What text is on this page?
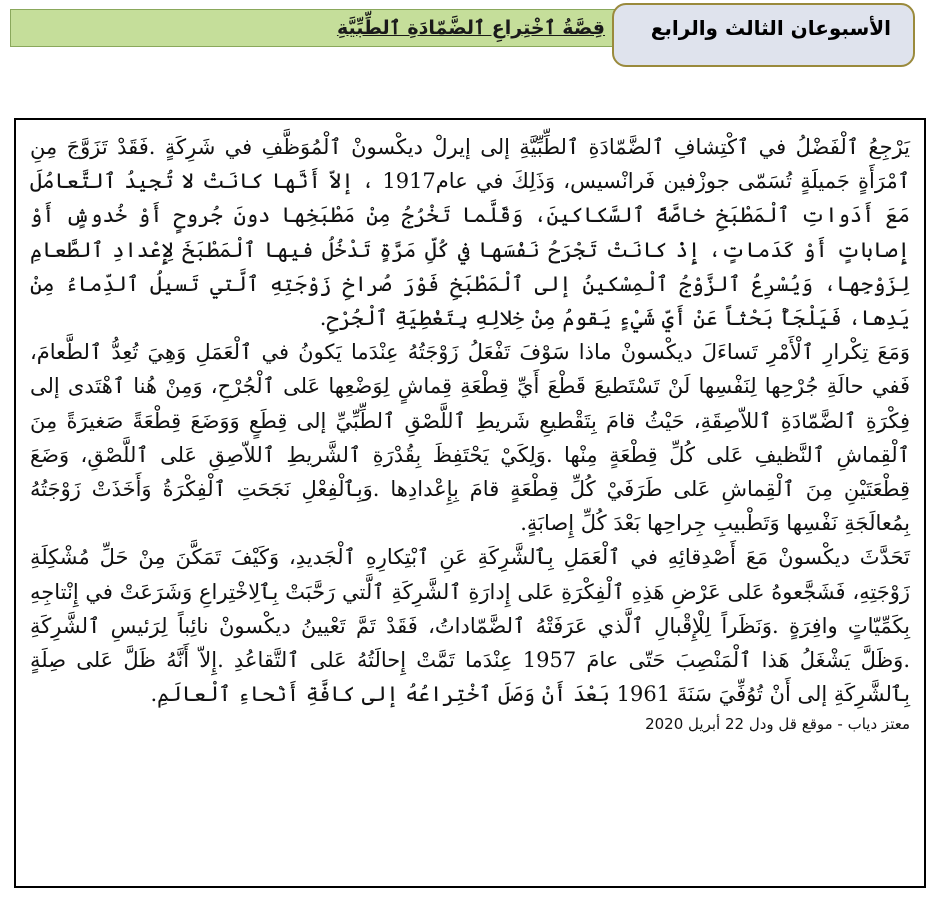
قِصَّةُ ٱخْتِراعِ ٱلضَّمّادَةِ ٱلطِّبِّيَّةِ الأسبوعان الثالث والرابع

يَرْجِعُ ٱلْفَضْلُ في ٱكْتِشافِ ٱلضَّمّادَةِ ٱلطِّبِّيَّةِ إلى إيرلْ ديكْسونْ ٱلْمُوَظَّفِ في شَرِكَةٍ .فَقَدْ تَزَوَّجَ مِنِ ٱمْرَأَةٍ جَميلَةٍ تُسَمّى جوزْفين فَرانْسيس، وَذَلِكَ في عام1917 ، إلاّ أَنَّها كانَتْ لا تُجيدُ ٱلتَّعامُلَ مَعَ أَدَواتِ ٱلْمَطْبَخِ خاصَّةً ٱلسَّكاكينَ، وَقَلَّما تَخْرُجُ مِنْ مَطْبَخِها دونَ جُروحٍ أَوْ خُدوشٍ أَوْ إِصاباتٍ أَوْ كَدَماتٍ، إِذْ كانَتْ تَجْرَحُ نَفْسَها في كُلِّ مَرَّةٍ تَدْخُلُ فيها ٱلْمَطْبَخَ لِإِعْدادِ ٱلطَّعامِ لِزَوْجِها، وَيُسْرِعُ ٱلزَّوْجُ ٱلْمِسْكينُ إلى ٱلْمَطْبَخِ فَوْرَ صُراخِ زَوْجَتِهِ ٱلَّتي تَسيلُ ٱلدِّماءُ مِنْ يَدِها، فَيَلْجَأُ بَحْثاً عَنْ أَيِّ شَيْءٍ يَقومُ مِنْ خِلالِهِ بِتَغْطِيَةِ ٱلْجُرْحِ.

وَمَعَ تِكْرارِ ٱلْأَمْرِ تَساءَلَ ديكْسونْ ماذا سَوْفَ تَفْعَلُ زَوْجَتُهُ عِنْدَما يَكونُ في ٱلْعَمَلِ وَهِيَ تُعِدُّ ٱلطَّعامَ، فَفي حالَةِ جُرْحِها لِنَفْسِها لَنْ تَسْتَطيعَ قَطْعَ أَيِّ قِطْعَةِ قِماشٍ لِوَضْعِها عَلى ٱلْجُرْحِ، وَمِنْ هُنا ٱهْتَدى إلى فِكْرَةِ ٱلضَّمّادَةِ ٱللاّصِقَةِ، حَيْثُ قامَ بِتَقْطيعِ شَريطِ ٱللَّصْقِ ٱلطِّبِّيِّ إلى قِطَعٍ وَوَضَعَ قِطْعَةً صَغيرَةً مِنَ ٱلْقِماشِ ٱلنَّظيفِ عَلى كُلِّ قِطْعَةٍ مِنْها .وَلِكَيْ يَحْتَفِظَ بِقُدْرَةِ ٱلشَّريطِ ٱللاّصِقِ عَلى ٱللَّصْقِ، وَضَعَ قِطْعَتَيْنِ مِنَ ٱلْقِماشِ عَلى طَرَفَيْ كُلِّ قِطْعَةٍ قامَ بِإِعْدادِها .وَبِٱلْفِعْلِ نَجَحَتِ ٱلْفِكْرَةُ وَأَخَذَتْ زَوْجَتُهُ بِمُعالَجَةِ نَفْسِها وَتَطْبيبِ جِراحِها بَعْدَ كُلِّ إِصابَةٍ.

تَحَدَّثَ ديكْسونْ مَعَ أَصْدِقائِهِ في ٱلْعَمَلِ بِٱلشَّرِكَةِ عَنِ ٱبْتِكارِهِ ٱلْجَديدِ، وَكَيْفَ تَمَكَّنَ مِنْ حَلِّ مُشْكِلَةِ زَوْجَتِهِ، فَشَجَّعوهُ عَلى عَرْضِ هَذِهِ ٱلْفِكْرَةِ عَلى إِدارَةِ ٱلشَّرِكَةِ ٱلَّتي رَحَّبَتْ بِٱلِاخْتِراعِ وَشَرَعَتْ في إِنْتاجِهِ بِكَمِّيّاتٍ وافِرَةٍ .وَنَظَراً لِلْإِقْبالِ ٱلَّذي عَرَفَتْهُ ٱلضَّمّاداتُ، فَقَدْ تَمَّ تَعْيينُ ديكْسونْ نائِباً لِرَئيسِ ٱلشَّرِكَةِ .وَظَلَّ يَشْغَلُ هَذا ٱلْمَنْصِبَ حَتّى عامَ 1957 عِنْدَما تَمَّتْ إِحالَتُهُ عَلى ٱلتَّقاعُدِ .إِلاّ أَنَّهُ ظَلَّ عَلى صِلَةٍ بِٱلشَّرِكَةِ إلى أَنْ تُوُفِّيَ سَنَةَ 1961 بَعْدَ أَنْ وَصَلَ ٱخْتِراعُهُ إلى كافَّةِ أَنْحاءِ ٱلْعالَمِ.

معتز دياب - موقع قل ودل 22 أبريل 2020
